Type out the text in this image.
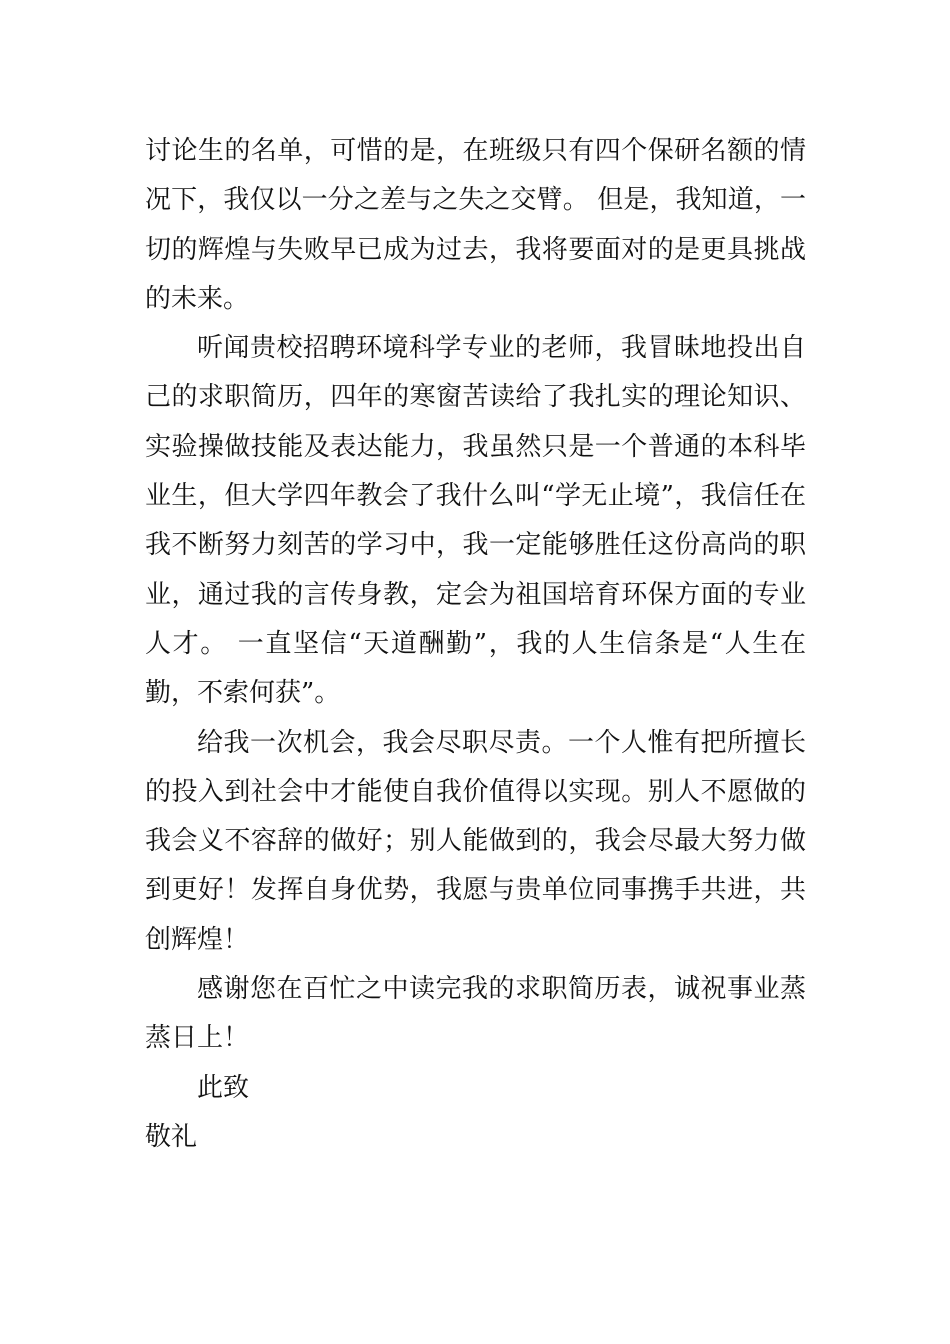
讨论生的名单，可惜的是，在班级只有四个保研名额的情况下，我仅以一分之差与之失之交臂。 但是，我知道，一切的辉煌与失败早已成为过去，我将要面对的是更具挑战的未来。

听闻贵校招聘环境科学专业的老师，我冒昧地投出自己的求职简历，四年的寒窗苦读给了我扎实的理论知识、实验操做技能及表达能力，我虽然只是一个普通的本科毕业生，但大学四年教会了我什么叫“学无止境”，我信任在我不断努力刻苦的学习中，我一定能够胜任这份高尚的职业，通过我的言传身教，定会为祖国培育环保方面的专业人才。 一直坚信“天道酬勤”，我的人生信条是“人生在勤，不索何获”。

给我一次机会，我会尽职尽责。一个人惟有把所擅长的投入到社会中才能使自我价值得以实现。别人不愿做的我会义不容辞的做好；别人能做到的，我会尽最大努力做到更好！发挥自身优势，我愿与贵单位同事携手共进，共创辉煌！

感谢您在百忙之中读完我的求职简历表，诚祝事业蒸蒸日上！

此致
敬礼
